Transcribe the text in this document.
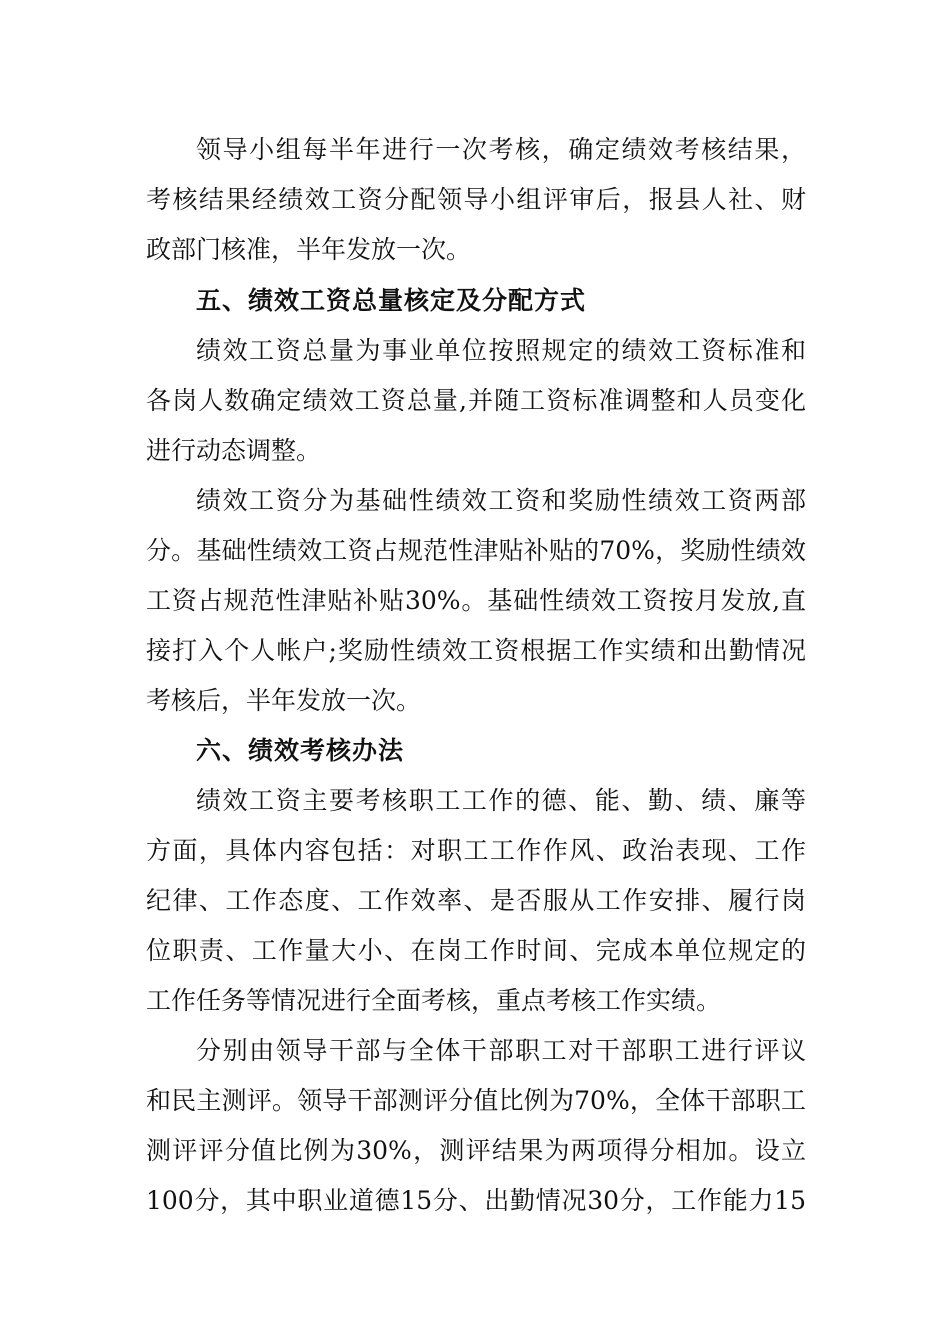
领导小组每半年进行一次考核，确定绩效考核结果，
考核结果经绩效工资分配领导小组评审后，报县人社、财
政部门核准，半年发放一次。
五、绩效工资总量核定及分配方式
绩效工资总量为事业单位按照规定的绩效工资标准和
各岗人数确定绩效工资总量,并随工资标准调整和人员变化
进行动态调整。
绩效工资分为基础性绩效工资和奖励性绩效工资两部
分。基础性绩效工资占规范性津贴补贴的70%，奖励性绩效
工资占规范性津贴补贴30%。基础性绩效工资按月发放,直
接打入个人帐户;奖励性绩效工资根据工作实绩和出勤情况
考核后，半年发放一次。
六、绩效考核办法
绩效工资主要考核职工工作的德、能、勤、绩、廉等
方面，具体内容包括：对职工工作作风、政治表现、工作
纪律、工作态度、工作效率、是否服从工作安排、履行岗
位职责、工作量大小、在岗工作时间、完成本单位规定的
工作任务等情况进行全面考核，重点考核工作实绩。
分别由领导干部与全体干部职工对干部职工进行评议
和民主测评。领导干部测评分值比例为70%，全体干部职工
测评评分值比例为30%，测评结果为两项得分相加。设立
100分，其中职业道德15分、出勤情况30分，工作能力15
